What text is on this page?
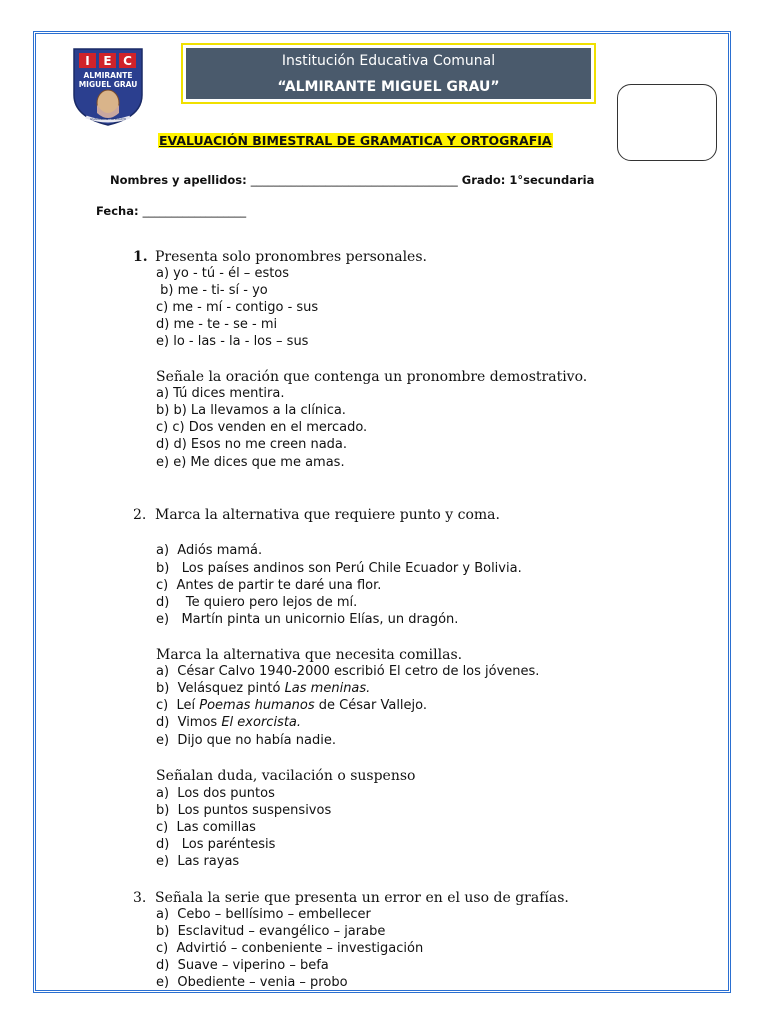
I E C
ALMIRANTE
MIGUEL GRAU
GUADALUPE - CHICLAYO
Institución Educativa Comunal
“ALMIRANTE MIGUEL GRAU”
EVALUACIÓN BIMESTRAL DE GRAMATICA Y ORTOGRAFIA
Nombres y apellidos: ____________________________________ Grado: 1°secundaria
Fecha: __________________
1. Presenta solo pronombres personales.
a) yo - tú - él – estos
b) me - ti- sí - yo
c) me - mí - contigo - sus
d) me - te - se - mi
e) lo - las - la - los – sus
Señale la oración que contenga un pronombre demostrativo.
a) Tú dices mentira.
b) b) La llevamos a la clínica.
c) c) Dos venden en el mercado.
d) d) Esos no me creen nada.
e) e) Me dices que me amas.
2. Marca la alternativa que requiere punto y coma.
a)  Adiós mamá.
b)   Los países andinos son Perú Chile Ecuador y Bolivia.
c)  Antes de partir te daré una flor.
d)    Te quiero pero lejos de mí.
e)   Martín pinta un unicornio Elías, un dragón.
Marca la alternativa que necesita comillas.
a)  César Calvo 1940-2000 escribió El cetro de los jóvenes.
b)  Velásquez pintó Las meninas.
c)  Leí Poemas humanos de César Vallejo.
d)  Vimos El exorcista.
e)  Dijo que no había nadie.
Señalan duda, vacilación o suspenso
a)  Los dos puntos
b)  Los puntos suspensivos
c)  Las comillas
d)   Los paréntesis
e)  Las rayas
3. Señala la serie que presenta un error en el uso de grafías.
a)  Cebo – bellísimo – embellecer
b)  Esclavitud – evangélico – jarabe
c)  Advirtió – conbeniente – investigación
d)  Suave – viperino – befa
e)  Obediente – venia – probo
